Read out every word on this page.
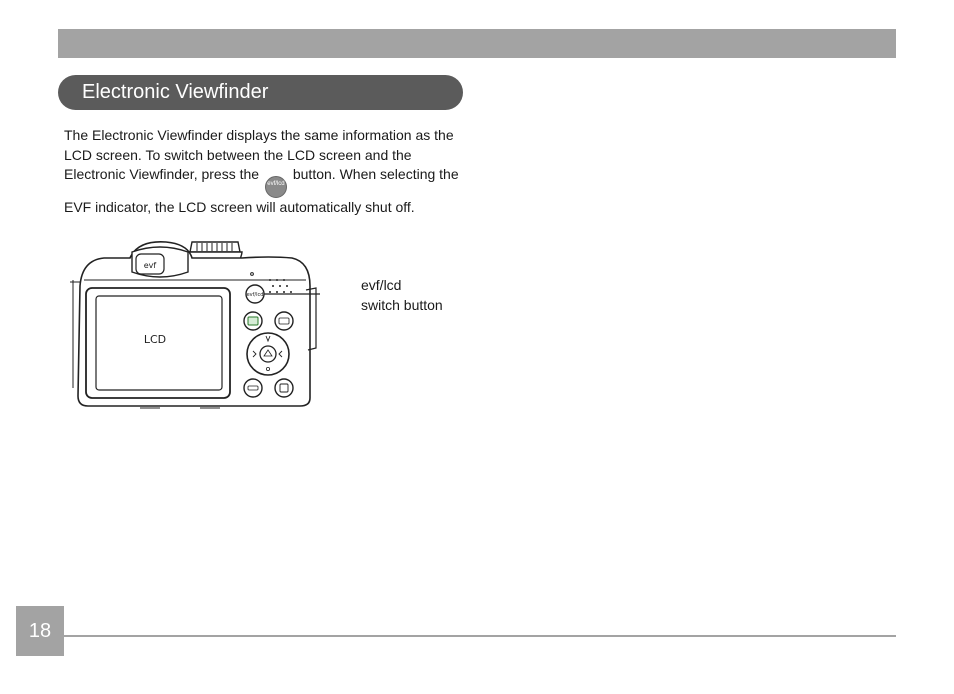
Electronic Viewfinder
The Electronic Viewfinder displays the same information as the LCD screen. To switch between the LCD screen and the Electronic Viewfinder, press the evf/lcd button. When selecting the EVF indicator, the LCD screen will automatically shut off.
evf
LCD
evf/lcd
evf/lcd
switch button
18
